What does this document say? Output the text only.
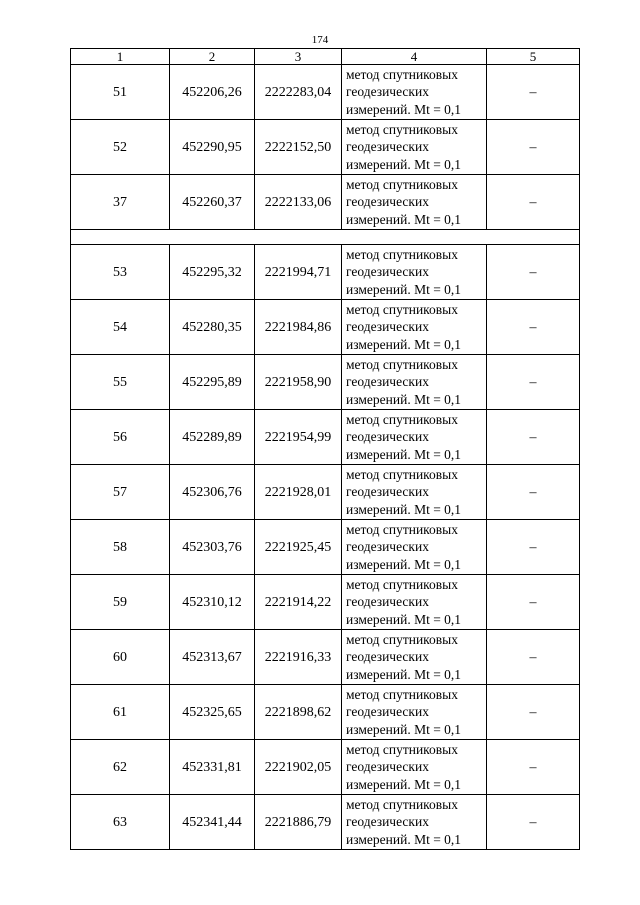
174
1	2	3	4	5
51	452206,26	2222283,04	метод спутниковых
геодезических
измерений. Mt = 0,1	–
52	452290,95	2222152,50	метод спутниковых
геодезических
измерений. Mt = 0,1	–
37	452260,37	2222133,06	метод спутниковых
геодезических
измерений. Mt = 0,1	–

53	452295,32	2221994,71	метод спутниковых
геодезических
измерений. Mt = 0,1	–
54	452280,35	2221984,86	метод спутниковых
геодезических
измерений. Mt = 0,1	–
55	452295,89	2221958,90	метод спутниковых
геодезических
измерений. Mt = 0,1	–
56	452289,89	2221954,99	метод спутниковых
геодезических
измерений. Mt = 0,1	–
57	452306,76	2221928,01	метод спутниковых
геодезических
измерений. Mt = 0,1	–
58	452303,76	2221925,45	метод спутниковых
геодезических
измерений. Mt = 0,1	–
59	452310,12	2221914,22	метод спутниковых
геодезических
измерений. Mt = 0,1	–
60	452313,67	2221916,33	метод спутниковых
геодезических
измерений. Mt = 0,1	–
61	452325,65	2221898,62	метод спутниковых
геодезических
измерений. Mt = 0,1	–
62	452331,81	2221902,05	метод спутниковых
геодезических
измерений. Mt = 0,1	–
63	452341,44	2221886,79	метод спутниковых
геодезических
измерений. Mt = 0,1	–
